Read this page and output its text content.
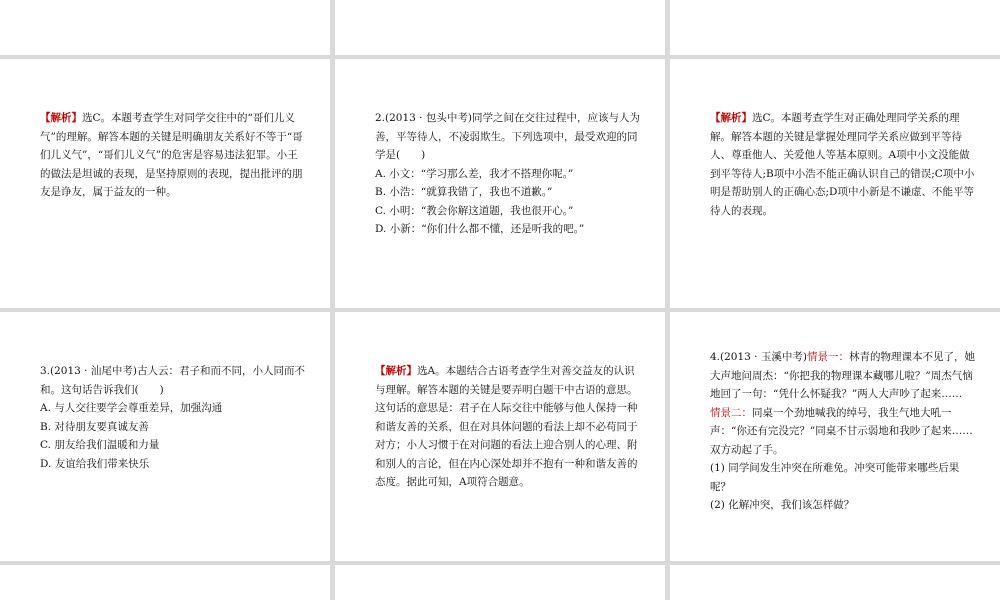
【解析】选C。本题考查学生对同学交往中的“哥们儿义气”的理解。解答本题的关键是明确朋友关系好不等于“哥们儿义气”，“哥们儿义气”的危害是容易违法犯罪。小王的做法是坦诚的表现，是坚持原则的表现，提出批评的朋友是诤友，属于益友的一种。

2.(2013 · 包头中考)同学之间在交往过程中，应该与人为善，平等待人，不凌弱欺生。下列选项中，最受欢迎的同学是(　　)

A. 小文：“学习那么差，我才不搭理你呢。”

B. 小浩：“就算我错了，我也不道歉。”

C. 小明：“教会你解这道题，我也很开心。”

D. 小新：“你们什么都不懂，还是听我的吧。”

【解析】选C。本题考查学生对正确处理同学关系的理解。解答本题的关键是掌握处理同学关系应做到平等待人、尊重他人、关爱他人等基本原则。A项中小文没能做到平等待人;B项中小浩不能正确认识自己的错误;C项中小明是帮助别人的正确心态;D项中小新是不谦虚、不能平等待人的表现。

3.(2013 · 汕尾中考)古人云：君子和而不同，小人同而不和。这句话告诉我们(　　)

A. 与人交往要学会尊重差异，加强沟通

B. 对待朋友要真诚友善

C. 朋友给我们温暖和力量

D. 友谊给我们带来快乐

【解析】选A。本题结合古语考查学生对善交益友的认识与理解。解答本题的关键是要弄明白题干中古语的意思。这句话的意思是：君子在人际交往中能够与他人保持一种和谐友善的关系，但在对具体问题的看法上却不必苟同于对方；小人习惯于在对问题的看法上迎合别人的心理、附和别人的言论，但在内心深处却并不抱有一种和谐友善的态度。据此可知，A项符合题意。

4.(2013 · 玉溪中考)情景一：林青的物理课本不见了，她大声地问周杰：“你把我的物理课本藏哪儿啦？”周杰气恼地回了一句：“凭什么怀疑我？”两人大声吵了起来……

情景二：同桌一个劲地喊我的绰号，我生气地大吼一声：“你还有完没完？”同桌不甘示弱地和我吵了起来……双方动起了手。

(1) 同学间发生冲突在所难免。冲突可能带来哪些后果呢？

(2) 化解冲突，我们该怎样做？
